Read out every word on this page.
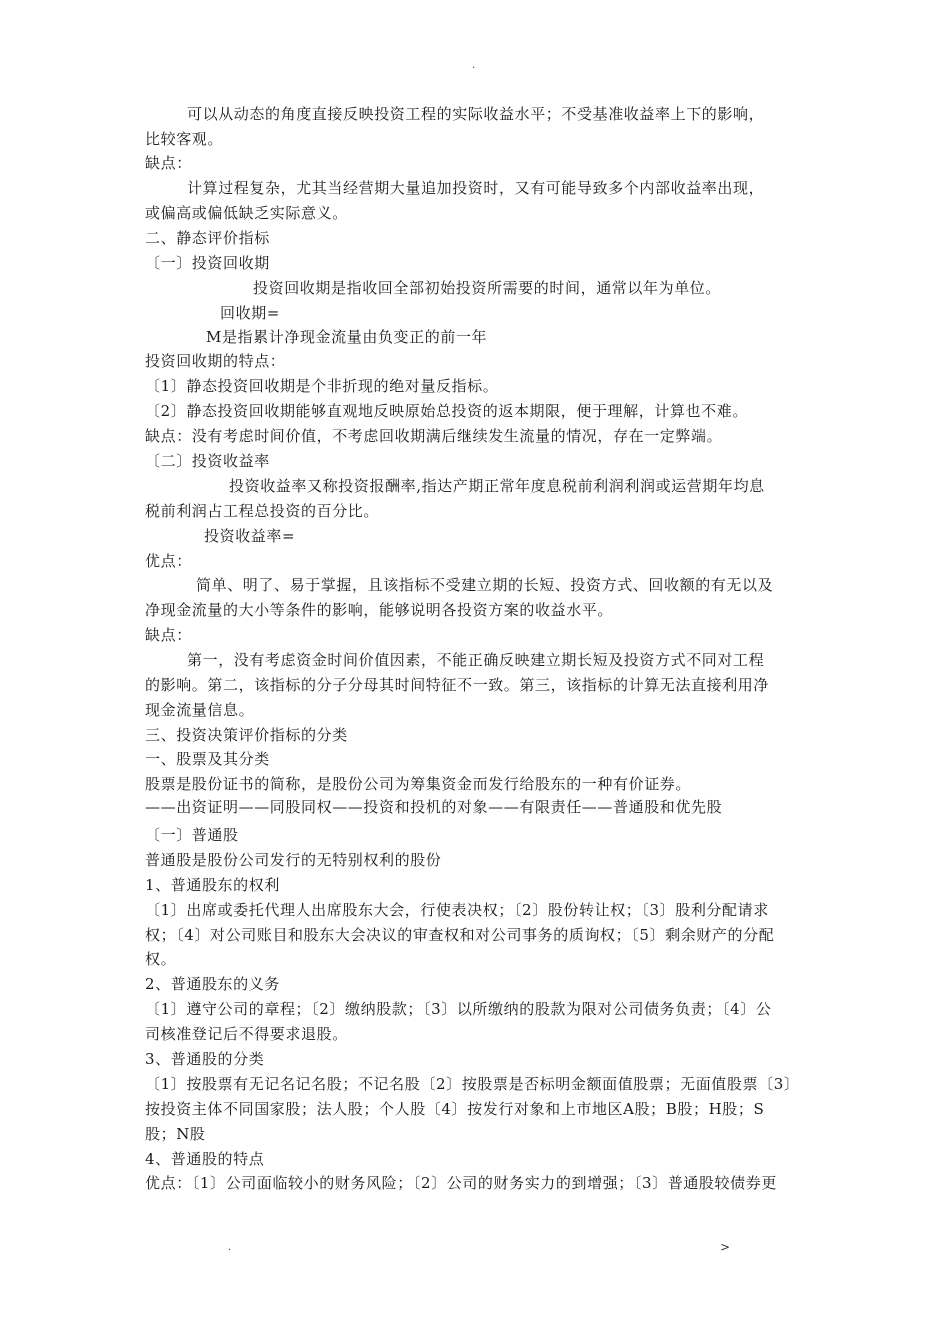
.
可以从动态的角度直接反映投资工程的实际收益水平；不受基准收益率上下的影响，
比较客观。
缺点：
计算过程复杂，尤其当经营期大量追加投资时，又有可能导致多个内部收益率出现，
或偏高或偏低缺乏实际意义。
二、静态评价指标
〔一〕投资回收期
投资回收期是指收回全部初始投资所需要的时间，通常以年为单位。
回收期=
M是指累计净现金流量由负变正的前一年
投资回收期的特点：
〔1〕静态投资回收期是个非折现的绝对量反指标。
〔2〕静态投资回收期能够直观地反映原始总投资的返本期限，便于理解，计算也不难。
缺点：没有考虑时间价值，不考虑回收期满后继续发生流量的情况，存在一定弊端。
〔二〕投资收益率
投资收益率又称投资报酬率,指达产期正常年度息税前利润利润或运营期年均息
税前利润占工程总投资的百分比。
投资收益率=
优点：
简单、明了、易于掌握，且该指标不受建立期的长短、投资方式、回收额的有无以及
净现金流量的大小等条件的影响，能够说明各投资方案的收益水平。
缺点：
第一，没有考虑资金时间价值因素，不能正确反映建立期长短及投资方式不同对工程
的影响。第二，该指标的分子分母其时间特征不一致。第三，该指标的计算无法直接利用净
现金流量信息。
三、投资决策评价指标的分类
一、股票及其分类
股票是股份证书的简称，是股份公司为筹集资金而发行给股东的一种有价证券。
——出资证明——同股同权——投资和投机的对象——有限责任——普通股和优先股
〔一〕普通股
普通股是股份公司发行的无特别权利的股份
1、普通股东的权利
〔1〕出席或委托代理人出席股东大会，行使表决权；〔2〕股份转让权；〔3〕股利分配请求
权；〔4〕对公司账目和股东大会决议的审查权和对公司事务的质询权；〔5〕剩余财产的分配
权。
2、普通股东的义务
〔1〕遵守公司的章程；〔2〕缴纳股款；〔3〕以所缴纳的股款为限对公司债务负责；〔4〕公
司核准登记后不得要求退股。
3、普通股的分类
〔1〕按股票有无记名记名股；不记名股〔2〕按股票是否标明金额面值股票；无面值股票〔3〕
按投资主体不同国家股；法人股；个人股〔4〕按发行对象和上市地区A股；B股；H股；S
股；N股
4、普通股的特点
优点：〔1〕公司面临较小的财务风险；〔2〕公司的财务实力的到增强；〔3〕普通股较债券更
.	>
